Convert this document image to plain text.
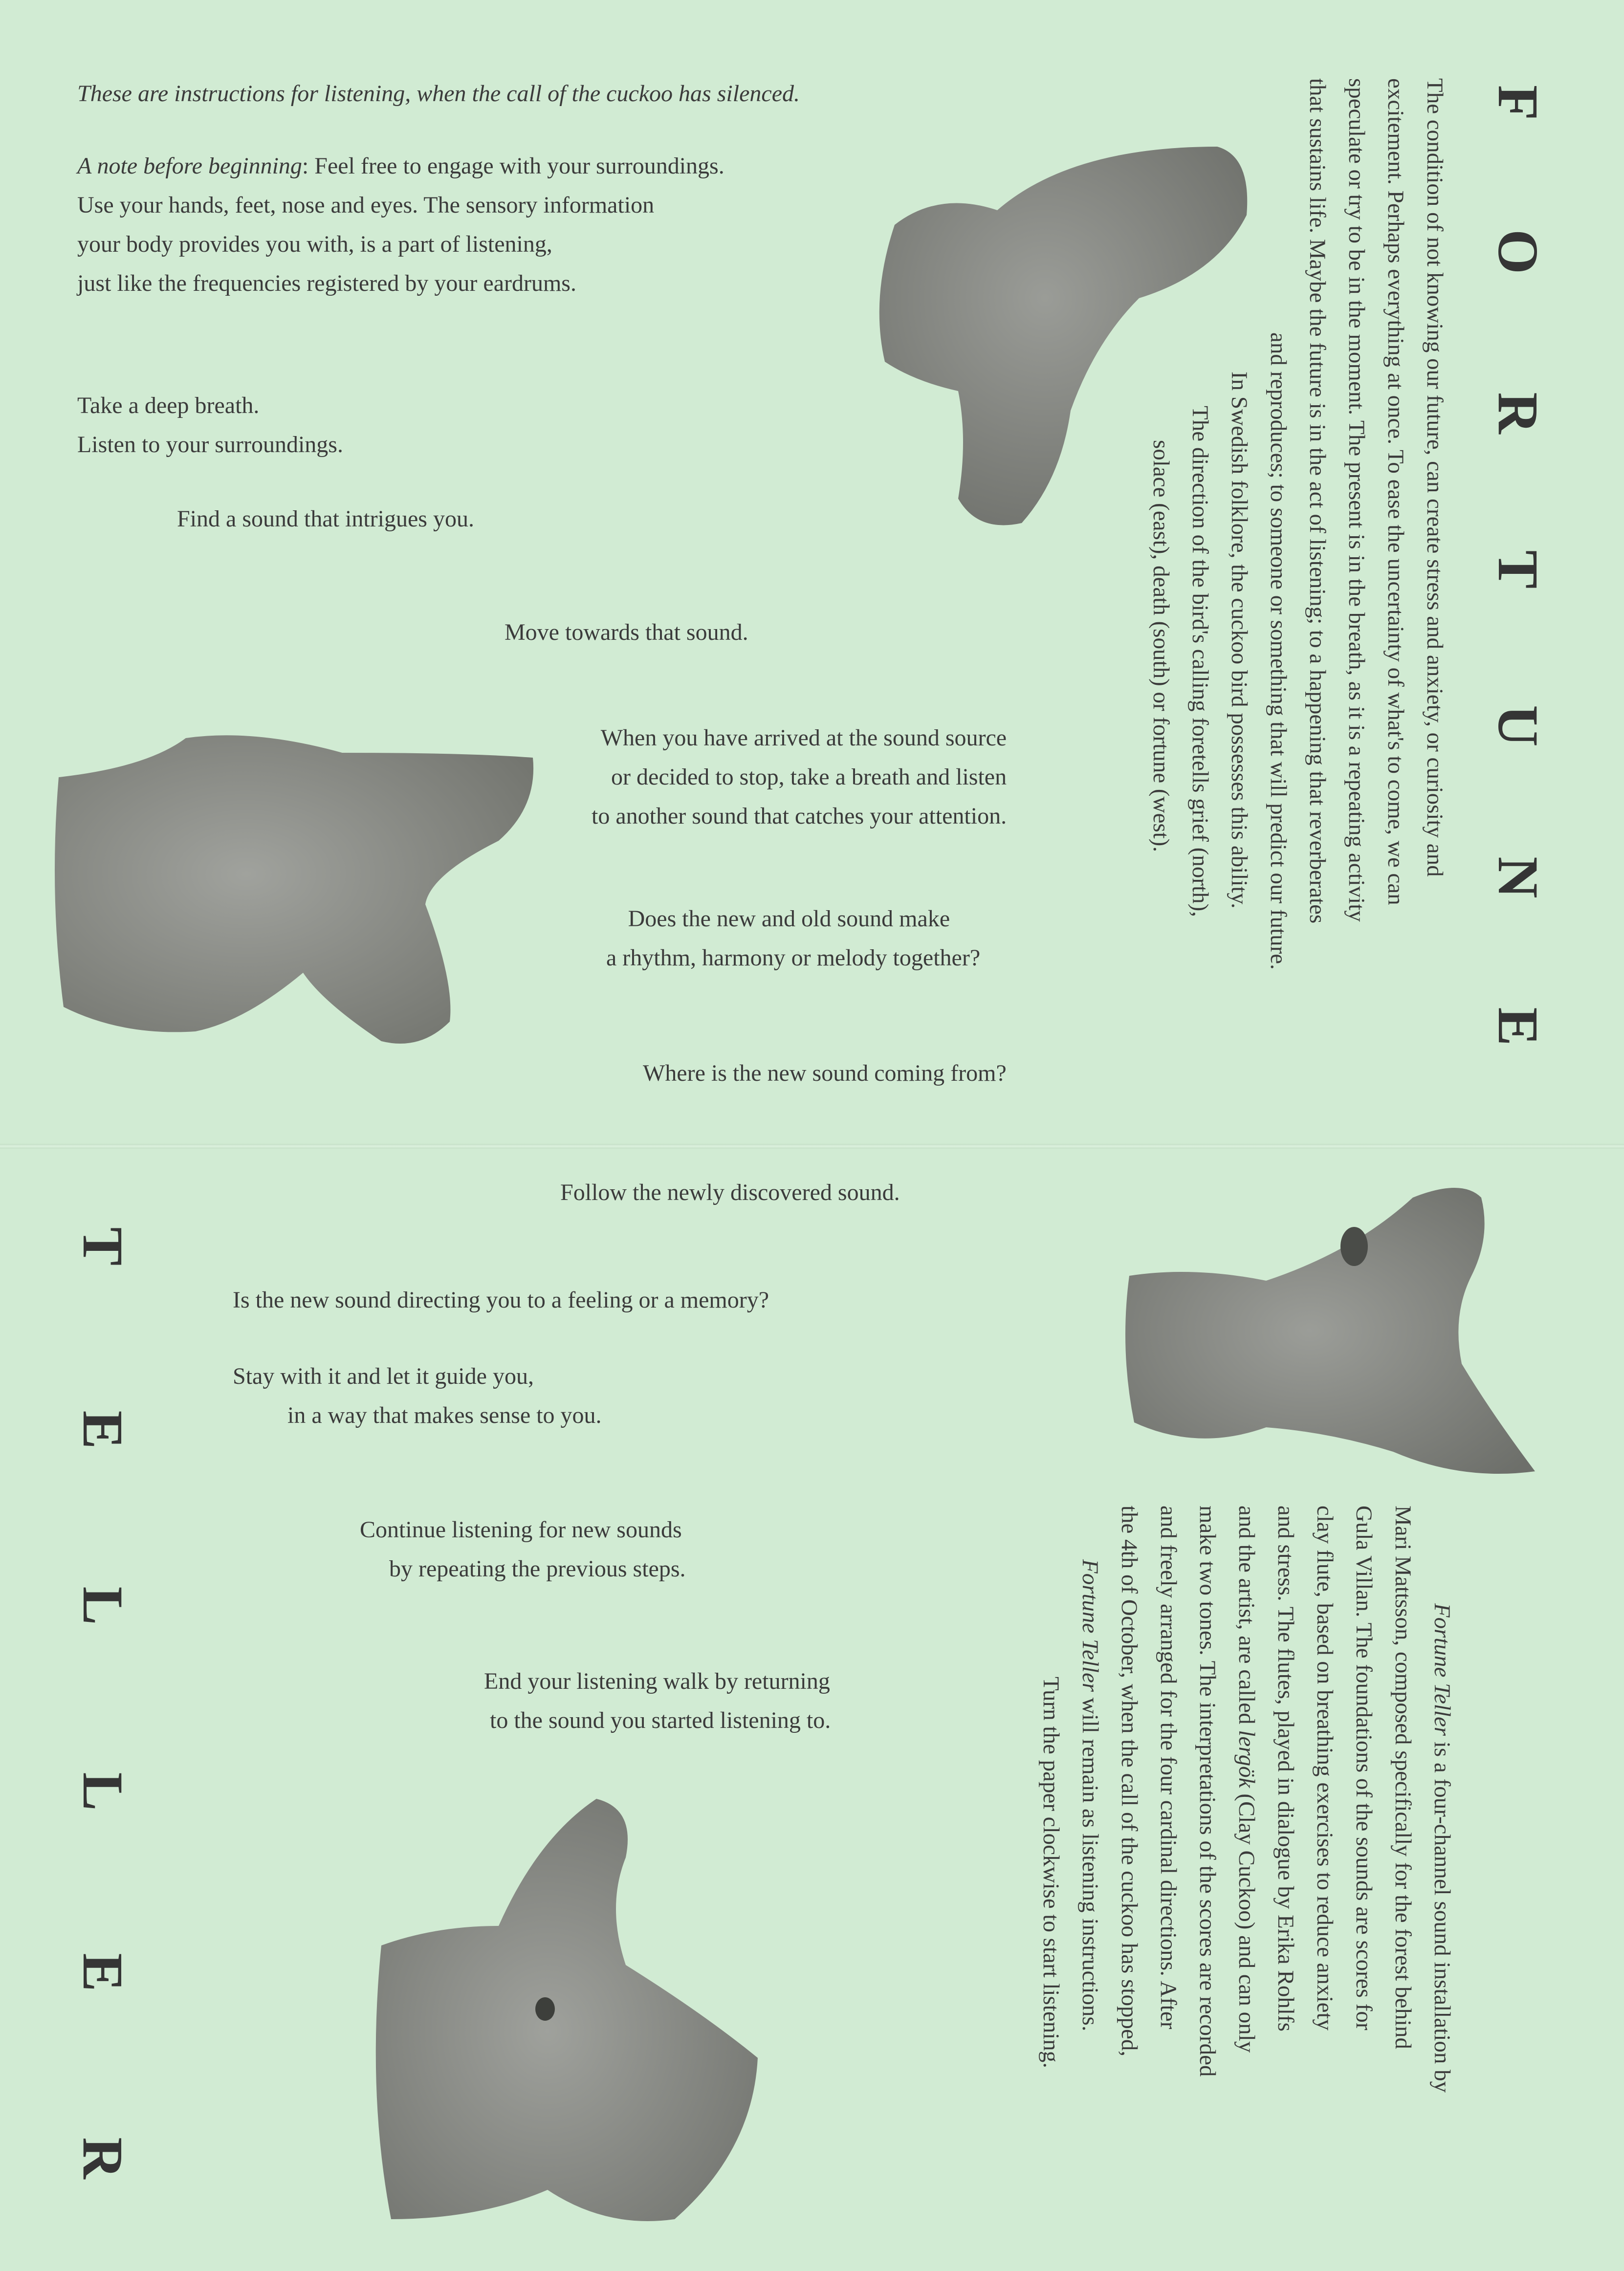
These are instructions for listening, when the call of the cuckoo has silenced.
A note before beginning: Feel free to engage with your surroundings.
Use your hands, feet, nose and eyes. The sensory information
your body provides you with, is a part of listening,
just like the frequencies registered by your eardrums.
Take a deep breath.
Listen to your surroundings.
Find a sound that intrigues you.
Move towards that sound.
When you have arrived at the sound source
or decided to stop, take a breath and listen
to another sound that catches your attention.
Does the new and old sound make
a rhythm, harmony or melody together?
Where is the new sound coming from?
Follow the newly discovered sound.
Is the new sound directing you to a feeling or a memory?
Stay with it and let it guide you,
in a way that makes sense to you.
Continue listening for new sounds
by repeating the previous steps.
End your listening walk by returning
to the sound you started listening to.
F
O
R
T
U
N
E
T
E
L
L
E
R
The condition of not knowing our future, can create stress and anxiety, or curiosity and
excitement. Perhaps everything at once. To ease the uncertainty of what's to come, we can
speculate or try to be in the moment. The present is in the breath, as it is a repeating activity
that sustains life. Maybe the future is in the act of listening; to a happening that reverberates
and reproduces; to someone or something that will predict our future.
In Swedish folklore, the cuckoo bird possesses this ability.
The direction of the bird's calling foretells grief (north),
solace (east), death (south) or fortune (west).
Fortune Teller is a four-channel sound installation by
Mari Mattsson, composed specifically for the forest behind
Gula Villan. The foundations of the sounds are scores for
clay flute, based on breathing exercises to reduce anxiety
and stress. The flutes, played in dialogue by Erika Rohlfs
and the artist, are called lergök (Clay Cuckoo) and can only
make two tones. The interpretations of the scores are recorded
and freely arranged for the four cardinal directions. After
the 4th of October, when the call of the cuckoo has stopped,
Fortune Teller will remain as listening instructions.
Turn the paper clockwise to start listening.
